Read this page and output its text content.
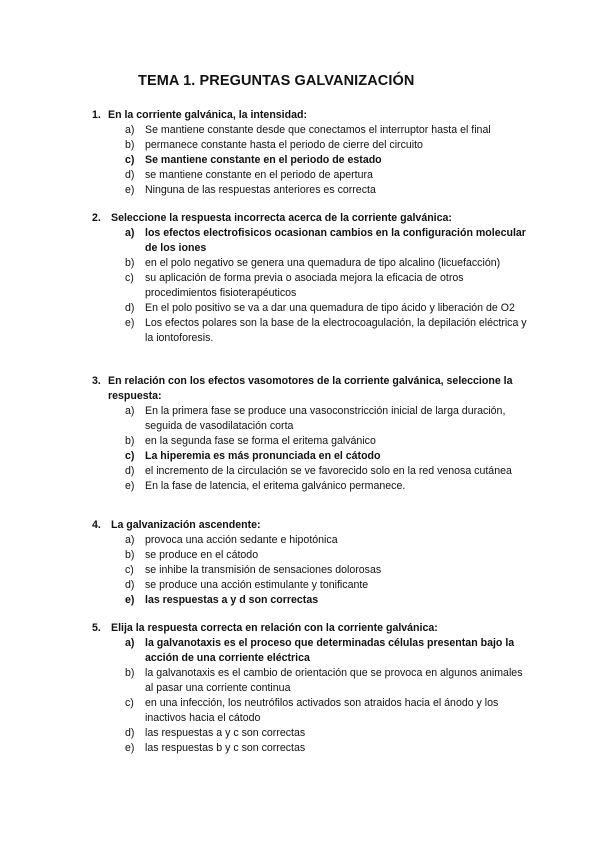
TEMA 1. PREGUNTAS GALVANIZACIÓN
1. En la corriente galvánica, la intensidad:
a) Se mantiene constante desde que conectamos el interruptor hasta el final
b) permanece constante hasta el periodo de cierre del circuito
c) Se mantiene constante en el periodo de estado
d) se mantiene constante en el periodo de apertura
e) Ninguna de las respuestas anteriores es correcta
2. Seleccione la respuesta incorrecta acerca de la corriente galvánica:
a) los efectos electrofisicos ocasionan cambios en la configuración molecular de los iones
b) en el polo negativo se genera una quemadura de tipo alcalino (licuefacción)
c) su aplicación de forma previa o asociada mejora la eficacia de otros procedimientos fisioterapéuticos
d) En el polo positivo se va a dar una quemadura de tipo ácido y liberación de O2
e) Los efectos polares son la base de la electrocoagulación, la depilación eléctrica y la iontoforesis.
3. En relación con los efectos vasomotores de la corriente galvánica, seleccione la respuesta:
a) En la primera fase se produce una vasoconstricción inicial de larga duración, seguida de vasodilatación corta
b) en la segunda fase se forma el eritema galvánico
c) La hiperemia es más pronunciada en el cátodo
d) el incremento de la circulación se ve favorecido solo en la red venosa cutánea
e) En la fase de latencia, el eritema galvánico permanece.
4. La galvanización ascendente:
a) provoca una acción sedante e hipotónica
b) se produce en el cátodo
c) se inhibe la transmisión de sensaciones dolorosas
d) se produce una acción estimulante y tonificante
e) las respuestas a y d son correctas
5. Elija la respuesta correcta en relación con la corriente galvánica:
a) la galvanotaxis es el proceso que determinadas células presentan bajo la acción de una corriente eléctrica
b) la galvanotaxis es el cambio de orientación que se provoca en algunos animales al pasar una corriente continua
c) en una infección, los neutrófilos activados son atraidos hacia el ánodo y los inactivos hacia el cátodo
d) las respuestas a y c son correctas
e) las respuestas b y c son correctas
